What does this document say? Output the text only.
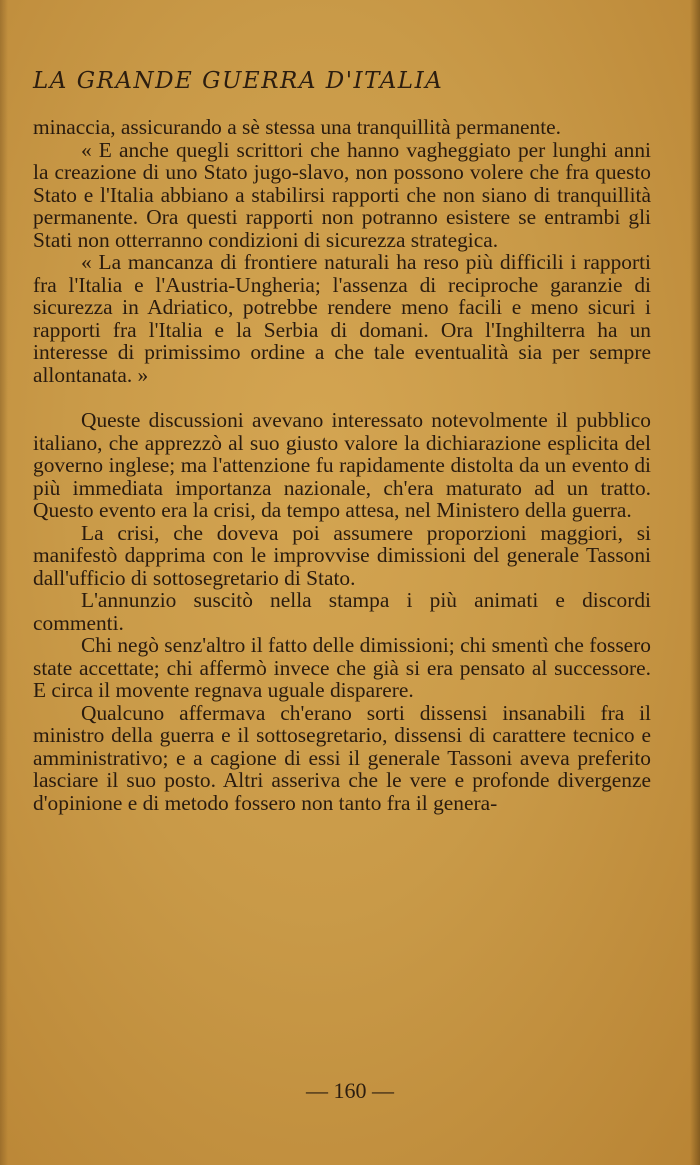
LA GRANDE GUERRA D'ITALIA

minaccia, assicurando a sè stessa una tranquillità permanente.

« E anche quegli scrittori che hanno vagheggiato per lunghi anni la creazione di uno Stato jugo-slavo, non possono volere che fra questo Stato e l'Italia abbiano a stabilirsi rapporti che non siano di tranquillità permanente. Ora questi rapporti non potranno esistere se entrambi gli Stati non otterranno condizioni di sicurezza strategica.

« La mancanza di frontiere naturali ha reso più difficili i rapporti fra l'Italia e l'Austria-Ungheria; l'assenza di reciproche garanzie di sicurezza in Adriatico, potrebbe rendere meno facili e meno sicuri i rapporti fra l'Italia e la Serbia di domani. Ora l'Inghilterra ha un interesse di primissimo ordine a che tale eventualità sia per sempre allontanata. »

Queste discussioni avevano interessato notevolmente il pubblico italiano, che apprezzò al suo giusto valore la dichiarazione esplicita del governo inglese; ma l'attenzione fu rapidamente distolta da un evento di più immediata importanza nazionale, ch'era maturato ad un tratto. Questo evento era la crisi, da tempo attesa, nel Ministero della guerra.

La crisi, che doveva poi assumere proporzioni maggiori, si manifestò dapprima con le improvvise dimissioni del generale Tassoni dall'ufficio di sottosegretario di Stato.

L'annunzio suscitò nella stampa i più animati e discordi commenti.

Chi negò senz'altro il fatto delle dimissioni; chi smentì che fossero state accettate; chi affermò invece che già si era pensato al successore. E circa il movente regnava uguale disparere.

Qualcuno affermava ch'erano sorti dissensi insanabili fra il ministro della guerra e il sottosegretario, dissensi di carattere tecnico e amministrativo; e a cagione di essi il generale Tassoni aveva preferito lasciare il suo posto. Altri asseriva che le vere e profonde divergenze d'opinione e di metodo fossero non tanto fra il genera-

— 160 —
